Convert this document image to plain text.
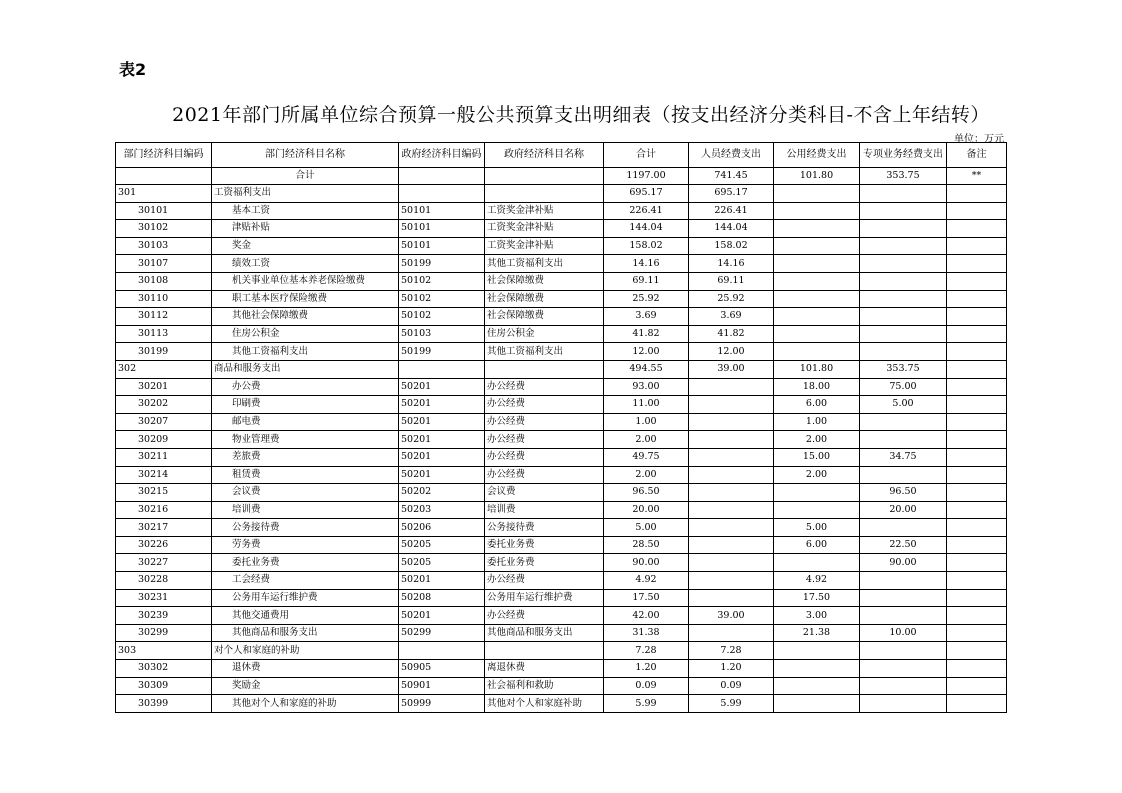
表2
2021年部门所属单位综合预算一般公共预算支出明细表（按支出经济分类科目-不含上年结转）
单位：万元
部门经济科目编码	部门经济科目名称	政府经济科目编码	政府经济科目名称	合计	人员经费支出	公用经费支出	专项业务经费支出	备注
	合计			1197.00	741.45	101.80	353.75	**
301	工资福利支出			695.17	695.17			
30101	基本工资	50101	工资奖金津补贴	226.41	226.41			
30102	津贴补贴	50101	工资奖金津补贴	144.04	144.04			
30103	奖金	50101	工资奖金津补贴	158.02	158.02			
30107	绩效工资	50199	其他工资福利支出	14.16	14.16			
30108	机关事业单位基本养老保险缴费	50102	社会保障缴费	69.11	69.11			
30110	职工基本医疗保险缴费	50102	社会保障缴费	25.92	25.92			
30112	其他社会保障缴费	50102	社会保障缴费	3.69	3.69			
30113	住房公积金	50103	住房公积金	41.82	41.82			
30199	其他工资福利支出	50199	其他工资福利支出	12.00	12.00			
302	商品和服务支出			494.55	39.00	101.80	353.75	
30201	办公费	50201	办公经费	93.00		18.00	75.00	
30202	印刷费	50201	办公经费	11.00		6.00	5.00	
30207	邮电费	50201	办公经费	1.00		1.00		
30209	物业管理费	50201	办公经费	2.00		2.00		
30211	差旅费	50201	办公经费	49.75		15.00	34.75	
30214	租赁费	50201	办公经费	2.00		2.00		
30215	会议费	50202	会议费	96.50			96.50	
30216	培训费	50203	培训费	20.00			20.00	
30217	公务接待费	50206	公务接待费	5.00		5.00		
30226	劳务费	50205	委托业务费	28.50		6.00	22.50	
30227	委托业务费	50205	委托业务费	90.00			90.00	
30228	工会经费	50201	办公经费	4.92		4.92		
30231	公务用车运行维护费	50208	公务用车运行维护费	17.50		17.50		
30239	其他交通费用	50201	办公经费	42.00	39.00	3.00		
30299	其他商品和服务支出	50299	其他商品和服务支出	31.38		21.38	10.00	
303	对个人和家庭的补助			7.28	7.28			
30302	退休费	50905	离退休费	1.20	1.20			
30309	奖励金	50901	社会福利和救助	0.09	0.09			
30399	其他对个人和家庭的补助	50999	其他对个人和家庭补助	5.99	5.99			
